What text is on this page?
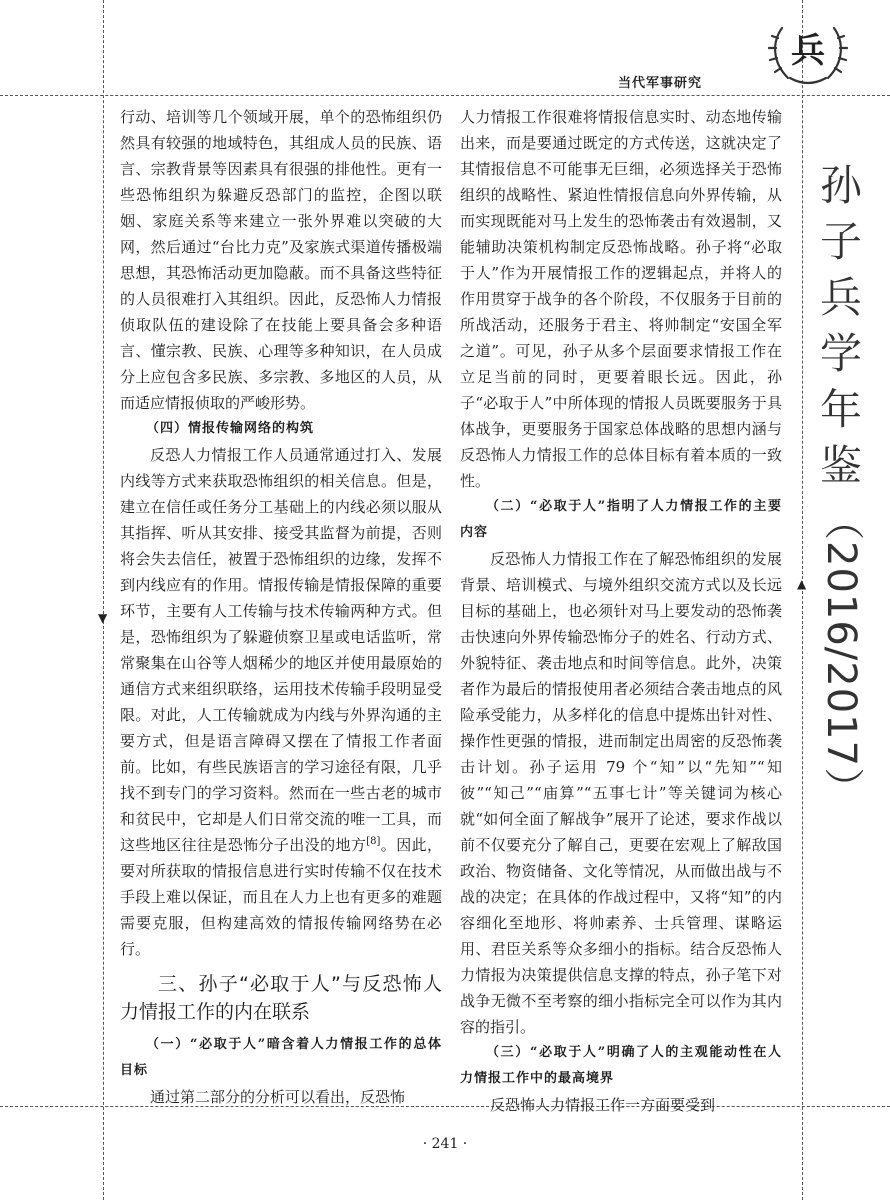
▼
▲
当代军事研究
兵
孙
子
兵
学
年
鉴
（2016/2017）

行动、培训等几个领域开展，单个的恐怖组织仍然具有较强的地域特色，其组成人员的民族、语言、宗教背景等因素具有很强的排他性。更有一些恐怖组织为躲避反恐部门的监控，企图以联姻、家庭关系等来建立一张外界难以突破的大网，然后通过“台比力克”及家族式渠道传播极端思想，其恐怖活动更加隐蔽。而不具备这些特征的人员很难打入其组织。因此，反恐怖人力情报侦取队伍的建设除了在技能上要具备会多种语言、懂宗教、民族、心理等多种知识，在人员成分上应包含多民族、多宗教、多地区的人员，从而适应情报侦取的严峻形势。

（四）情报传输网络的构筑

反恐人力情报工作人员通常通过打入、发展内线等方式来获取恐怖组织的相关信息。但是，建立在信任或任务分工基础上的内线必须以服从其指挥、听从其安排、接受其监督为前提，否则将会失去信任，被置于恐怖组织的边缘，发挥不到内线应有的作用。情报传输是情报保障的重要环节，主要有人工传输与技术传输两种方式。但是，恐怖组织为了躲避侦察卫星或电话监听，常常聚集在山谷等人烟稀少的地区并使用最原始的通信方式来组织联络，运用技术传输手段明显受限。对此，人工传输就成为内线与外界沟通的主要方式，但是语言障碍又摆在了情报工作者面前。比如，有些民族语言的学习途径有限，几乎找不到专门的学习资料。然而在一些古老的城市和贫民中，它却是人们日常交流的唯一工具，而这些地区往往是恐怖分子出没的地方[8]。因此，要对所获取的情报信息进行实时传输不仅在技术手段上难以保证，而且在人力上也有更多的难题需要克服，但构建高效的情报传输网络势在必行。

三、孙子“必取于人”与反恐怖人力情报工作的内在联系

（一）“必取于人”暗含着人力情报工作的总体目标

通过第二部分的分析可以看出，反恐怖

人力情报工作很难将情报信息实时、动态地传输出来，而是要通过既定的方式传送，这就决定了其情报信息不可能事无巨细，必须选择关于恐怖组织的战略性、紧迫性情报信息向外界传输，从而实现既能对马上发生的恐怖袭击有效遏制，又能辅助决策机构制定反恐怖战略。孙子将“必取于人”作为开展情报工作的逻辑起点，并将人的作用贯穿于战争的各个阶段，不仅服务于目前的所战活动，还服务于君主、将帅制定“安国全军之道”。可见，孙子从多个层面要求情报工作在立足当前的同时，更要着眼长远。因此，孙子“必取于人”中所体现的情报人员既要服务于具体战争，更要服务于国家总体战略的思想内涵与反恐怖人力情报工作的总体目标有着本质的一致性。

（二）“必取于人”指明了人力情报工作的主要内容

反恐怖人力情报工作在了解恐怖组织的发展背景、培训模式、与境外组织交流方式以及长远目标的基础上，也必须针对马上要发动的恐怖袭击快速向外界传输恐怖分子的姓名、行动方式、外貌特征、袭击地点和时间等信息。此外，决策者作为最后的情报使用者必须结合袭击地点的风险承受能力，从多样化的信息中提炼出针对性、操作性更强的情报，进而制定出周密的反恐怖袭击计划。孙子运用 79 个“知”以“先知”“知彼”“知己”“庙算”“五事七计”等关键词为核心就“如何全面了解战争”展开了论述，要求作战以前不仅要充分了解自己，更要在宏观上了解敌国政治、物资储备、文化等情况，从而做出战与不战的决定；在具体的作战过程中，又将“知”的内容细化至地形、将帅素养、士兵管理、谋略运用、君臣关系等众多细小的指标。结合反恐怖人力情报为决策提供信息支撑的特点，孙子笔下对战争无微不至考察的细小指标完全可以作为其内容的指引。

（三）“必取于人”明确了人的主观能动性在人力情报工作中的最高境界

反恐怖人力情报工作一方面要受到

· 241 ·
